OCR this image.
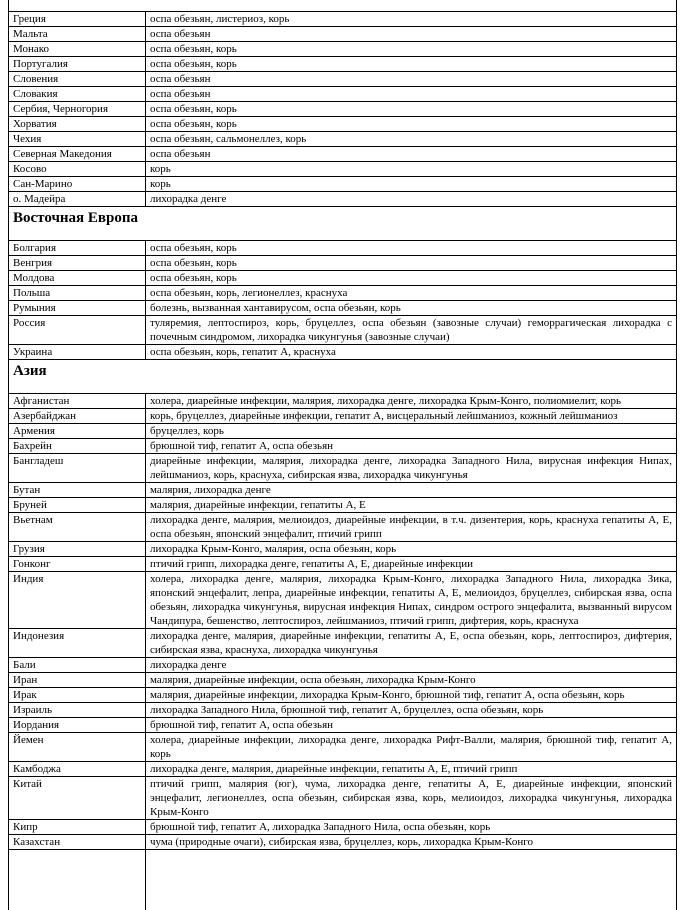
Греция	оспа обезьян, листериоз, корь
Мальта	оспа обезьян
Монако	оспа обезьян, корь
Португалия	оспа обезьян, корь
Словения	оспа обезьян
Словакия	оспа обезьян
Сербия, Черногория	оспа обезьян, корь
Хорватия	оспа обезьян, корь
Чехия	оспа обезьян, сальмонеллез, корь
Северная Македония	оспа обезьян
Косово	корь
Сан-Марино	корь
о. Мадейра	лихорадка денге
Восточная Европа	
Болгария	оспа обезьян, корь
Венгрия	оспа обезьян, корь
Молдова	оспа обезьян, корь
Польша	оспа обезьян, корь, легионеллез, краснуха
Румыния	болезнь, вызванная хантавирусом, оспа обезьян, корь
Россия	туляремия, лептоспироз, корь, бруцеллез, оспа обезьян (завозные случаи) геморрагическая лихорадка с почечным синдромом, лихорадка чикунгунья (завозные случаи)
Украина	оспа обезьян, корь, гепатит А, краснуха
Азия	
Афганистан	холера, диарейные инфекции, малярия, лихорадка денге, лихорадка Крым-Конго, полиомиелит, корь
Азербайджан	корь, бруцеллез, диарейные инфекции, гепатит А, висцеральный лейшманиоз, кожный лейшманиоз
Армения	бруцеллез, корь
Бахрейн	брюшной тиф, гепатит А, оспа обезьян
Бангладеш	диарейные инфекции, малярия, лихорадка денге, лихорадка Западного Нила, вирусная инфекция Нипах, лейшманиоз, корь, краснуха, сибирская язва, лихорадка чикунгунья
Бутан	малярия, лихорадка денге
Бруней	малярия, диарейные инфекции, гепатиты А, Е
Вьетнам	лихорадка денге, малярия, мелиоидоз, диарейные инфекции, в т.ч. дизентерия, корь, краснуха гепатиты А, Е, оспа обезьян, японский энцефалит, птичий грипп
Грузия	лихорадка Крым-Конго, малярия, оспа обезьян, корь
Гонконг	птичий грипп, лихорадка денге, гепатиты А, Е, диарейные инфекции
Индия	холера, лихорадка денге, малярия, лихорадка Крым-Конго, лихорадка Западного Нила, лихорадка Зика, японский энцефалит, лепра, диарейные инфекции, гепатиты А, Е, мелиоидоз, бруцеллез, сибирская язва, оспа обезьян, лихорадка чикунгунья, вирусная инфекция Нипах, синдром острого энцефалита, вызванный вирусом Чандипура, бешенство, лептоспироз, лейшманиоз, птичий грипп, дифтерия, корь, краснуха
Индонезия	лихорадка денге, малярия, диарейные инфекции, гепатиты А, Е, оспа обезьян, корь, лептоспироз, дифтерия, сибирская язва, краснуха, лихорадка чикунгунья
Бали	лихорадка денге
Иран	малярия, диарейные инфекции, оспа обезьян, лихорадка Крым-Конго
Ирак	малярия, диарейные инфекции, лихорадка Крым-Конго, брюшной тиф, гепатит А, оспа обезьян, корь
Израиль	лихорадка Западного Нила, брюшной тиф, гепатит А, бруцеллез, оспа обезьян, корь
Иордания	брюшной тиф, гепатит А, оспа обезьян
Йемен	холера, диарейные инфекции, лихорадка денге, лихорадка Рифт-Валли, малярия, брюшной тиф, гепатит А, корь
Камбоджа	лихорадка денге, малярия, диарейные инфекции, гепатиты А, Е, птичий грипп
Китай	птичий грипп, малярия (юг), чума, лихорадка денге, гепатиты А, Е, диарейные инфекции, японский энцефалит, легионеллез, оспа обезьян, сибирская язва, корь, мелиоидоз, лихорадка чикунгунья, лихорадка Крым-Конго
Кипр	брюшной тиф, гепатит А, лихорадка Западного Нила, оспа обезьян, корь
Казахстан	чума (природные очаги), сибирская язва, бруцеллез, корь, лихорадка Крым-Конго
